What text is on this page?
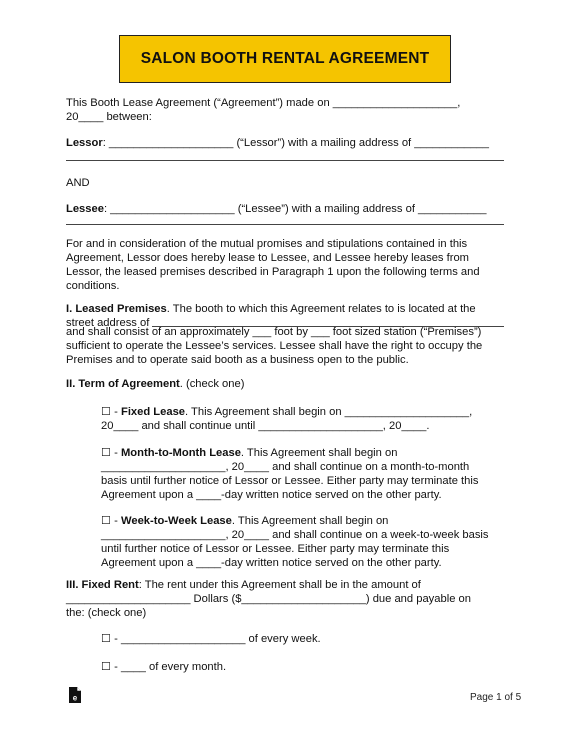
SALON BOOTH RENTAL AGREEMENT

This Booth Lease Agreement (“Agreement”) made on ____________________,

20____ between:

Lessor: ____________________ (“Lessor”) with a mailing address of ____________

AND

Lessee: ____________________ (“Lessee”) with a mailing address of ___________

For and in consideration of the mutual promises and stipulations contained in this

Agreement, Lessor does hereby lease to Lessee, and Lessee hereby leases from

Lessor, the leased premises described in Paragraph 1 upon the following terms and

conditions.

I. Leased Premises. The booth to which this Agreement relates to is located at the

street address of

and shall consist of an approximately ___ foot by ___ foot sized station (“Premises”)

sufficient to operate the Lessee’s services. Lessee shall have the right to occupy the

Premises and to operate said booth as a business open to the public.

II. Term of Agreement. (check one)

☐ - Fixed Lease. This Agreement shall begin on ____________________,

20____ and shall continue until ____________________, 20____.

☐ - Month-to-Month Lease. This Agreement shall begin on

____________________, 20____ and shall continue on a month-to-month

basis until further notice of Lessor or Lessee. Either party may terminate this

Agreement upon a ____-day written notice served on the other party.

☐ - Week-to-Week Lease. This Agreement shall begin on

____________________, 20____ and shall continue on a week-to-week basis

until further notice of Lessor or Lessee. Either party may terminate this

Agreement upon a ____-day written notice served on the other party.

III. Fixed Rent: The rent under this Agreement shall be in the amount of

____________________ Dollars ($____________________) due and payable on

the: (check one)

☐ - ____________________ of every week.

☐ - ____ of every month.

e	Page 1 of 5
